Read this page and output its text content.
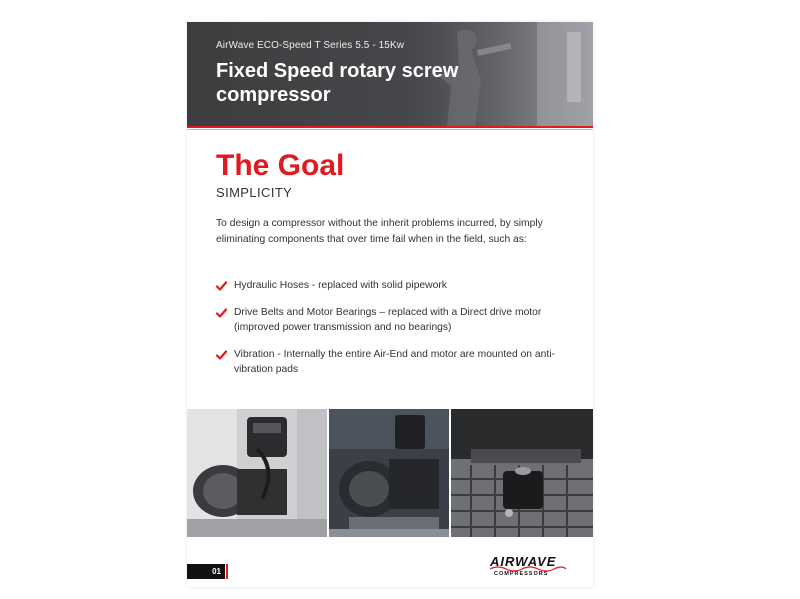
AirWave ECO-Speed T Series 5.5 - 15Kw
Fixed Speed rotary screw compressor
The Goal
SIMPLICITY
To design a compressor without the inherit problems incurred, by simply eliminating components that over time fail when in the field, such as:
Hydraulic Hoses - replaced with solid pipework
Drive Belts and Motor Bearings – replaced with a Direct drive motor (improved power transmission and no bearings)
Vibration - Internally the entire Air-End and motor are mounted on anti-vibration pads
01
AIRWAVE
COMPRESSORS
